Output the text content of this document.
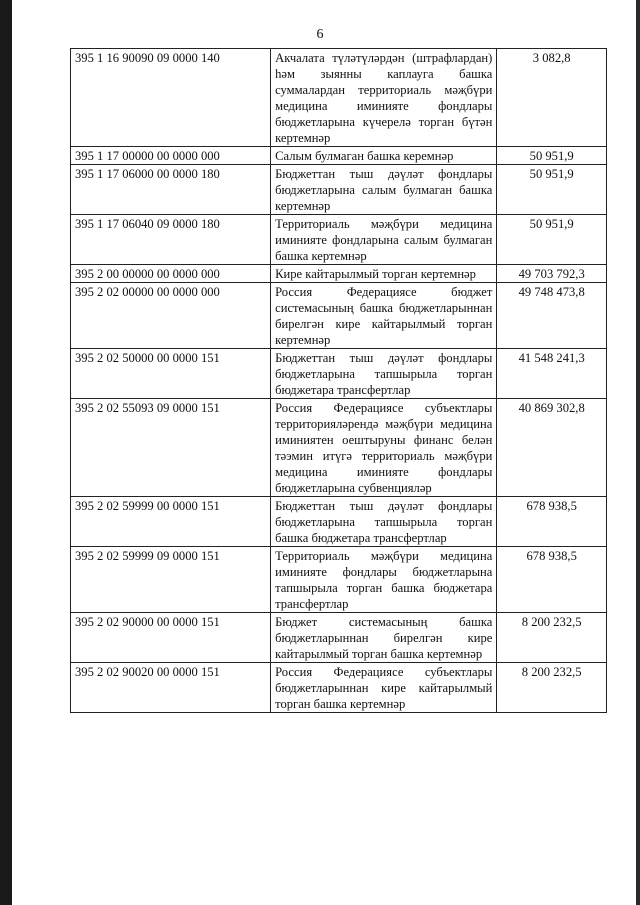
6
395 1 16 90090 09 0000 140	Акчалата түләтүләрдән (штрафлардан) һәм зыянны каплауга башка суммалардан территориаль мәҗбүри медицина иминияте фондлары бюджетларына күчерелә торган бүтән кертемнәр	3 082,8
395 1 17 00000 00 0000 000	Салым булмаган башка керемнәр	50 951,9
395 1 17 06000 00 0000 180	Бюджеттан тыш дәүләт фондлары бюджетларына салым булмаган башка кертемнәр	50 951,9
395 1 17 06040 09 0000 180	Территориаль мәҗбүри медицина иминияте фондларына салым булмаган башка кертемнәр	50 951,9
395 2 00 00000 00 0000 000	Кире кайтарылмый торган кертемнәр	49 703 792,3
395 2 02 00000 00 0000 000	Россия Федерациясе бюджет системасының башка бюджетларыннан бирелгән кире кайтарылмый торган кертемнәр	49 748 473,8
395 2 02 50000 00 0000 151	Бюджеттан тыш дәүләт фондлары бюджетларына тапшырыла торган бюджетара трансфертлар	41 548 241,3
395 2 02 55093 09 0000 151	Россия Федерациясе субъектлары территорияләрендә мәҗбүри медицина иминиятен оештыруны финанс белән тәэмин итүгә территориаль мәҗбүри медицина иминияте фондлары бюджетларына субвенцияләр	40 869 302,8
395 2 02 59999 00 0000 151	Бюджеттан тыш дәүләт фондлары бюджетларына тапшырыла торган башка бюджетара трансфертлар	678 938,5
395 2 02 59999 09 0000 151	Территориаль мәҗбүри медицина иминияте фондлары бюджетларына тапшырыла торган башка бюджетара трансфертлар	678 938,5
395 2 02 90000 00 0000 151	Бюджет системасының башка бюджетларыннан бирелгән кире кайтарылмый торган башка кертемнәр	8 200 232,5
395 2 02 90020 00 0000 151	Россия Федерациясе субъектлары бюджетларыннан кире кайтарылмый торган башка кертемнәр	8 200 232,5
